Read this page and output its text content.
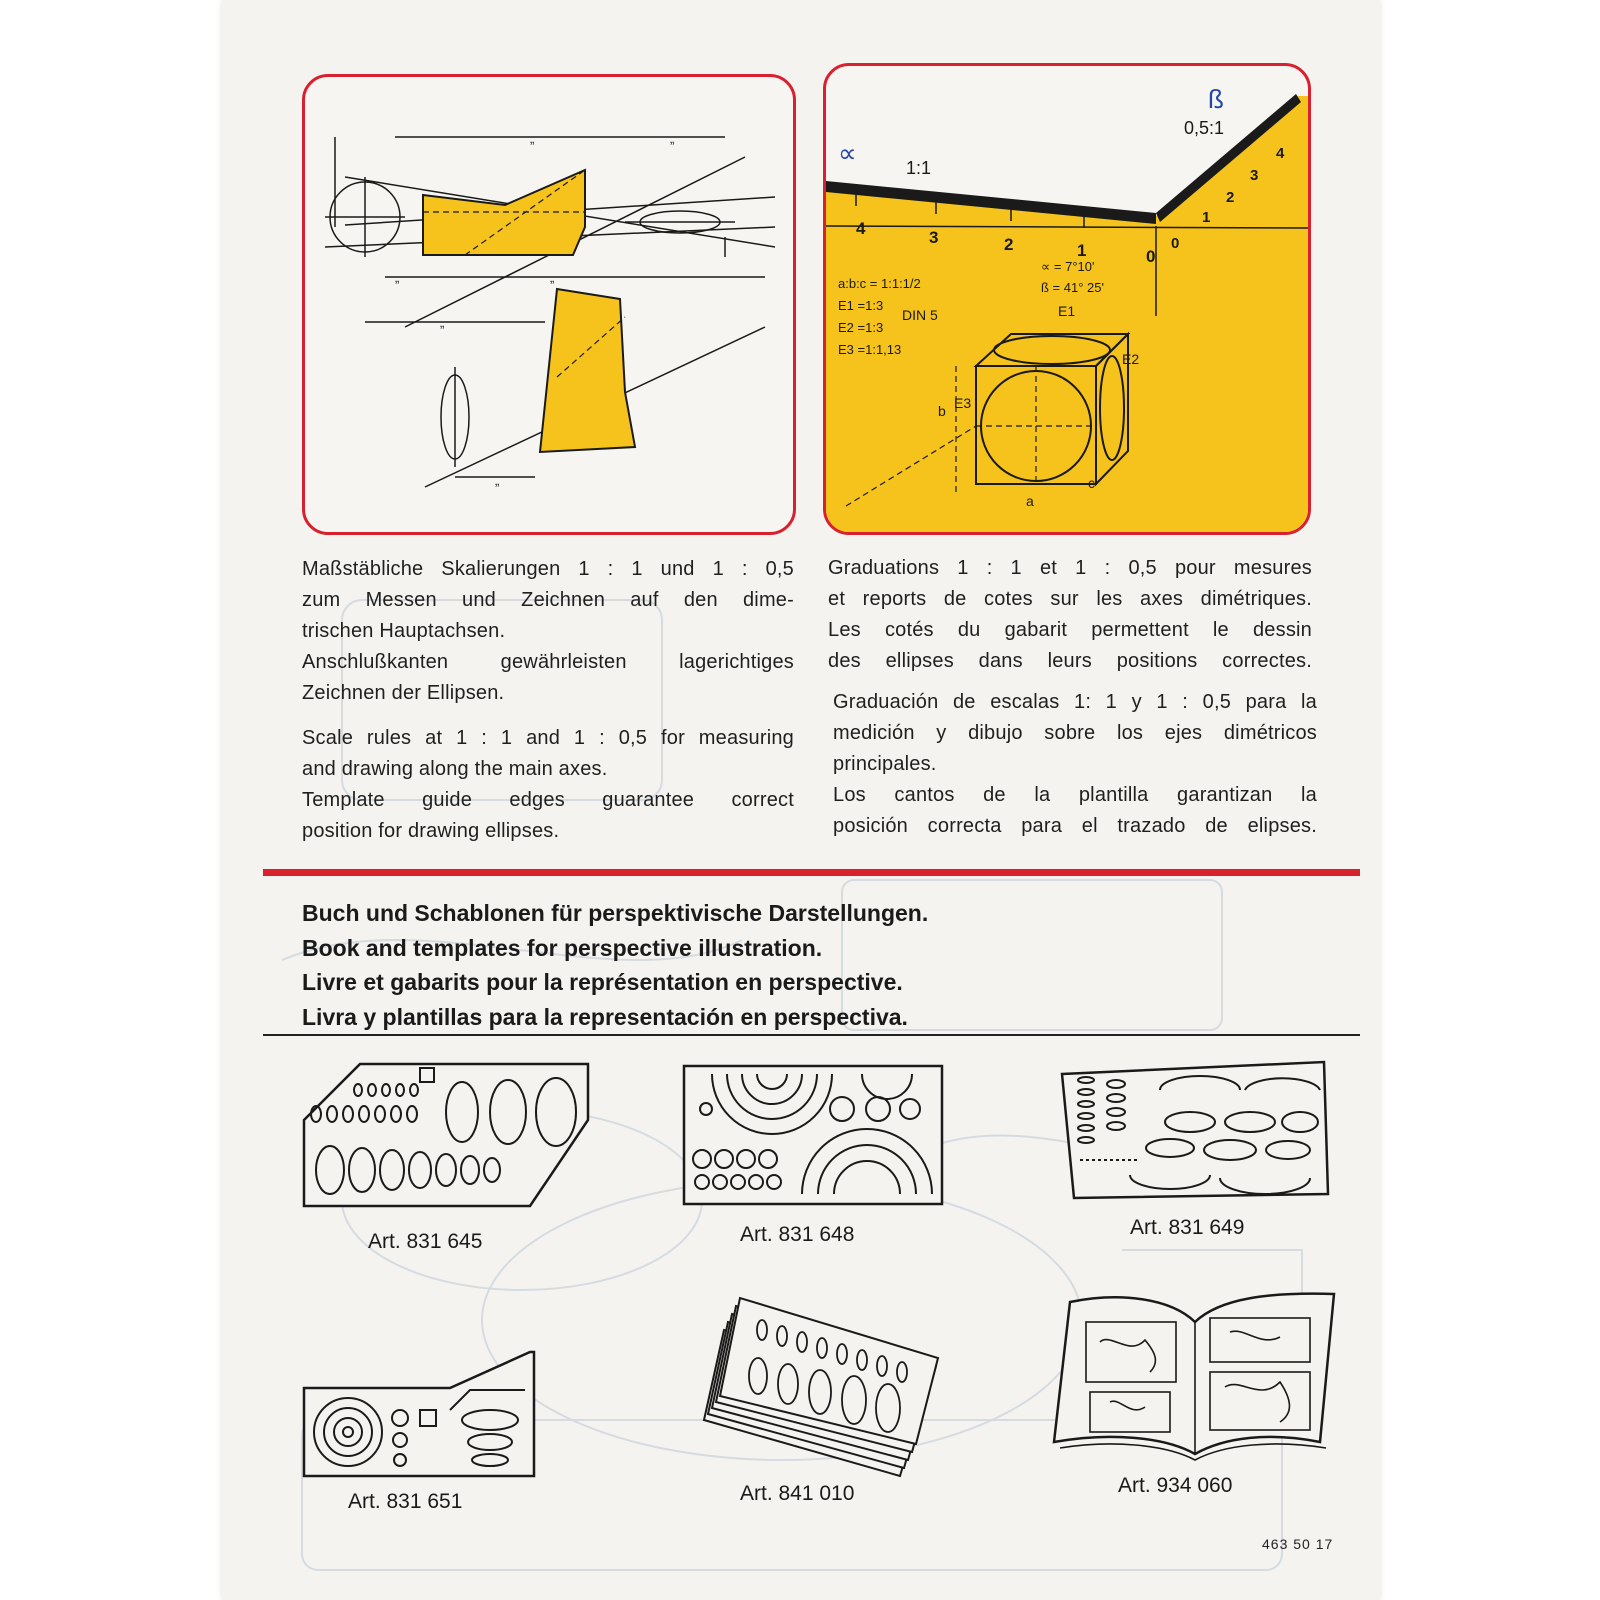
„	„
„	„
„
„
ß
0,5:1
∝	1:1
4	3	2	1	0
0
1
2
3
4
a:b:c = 1:1:1/2
E1 =1:3
E2 =1:3
E3 =1:1,13
DIN 5
∝ = 7°10'
ß = 41° 25'
E1
E2
E3
a
b
c
Maßstäbliche Skalierungen 1 : 1 und 1 : 0,5
zum Messen und Zeichnen auf den dime-
trischen Hauptachsen.
Anschlußkanten gewährleisten lagerichtiges
Zeichnen der Ellipsen.
Scale rules at 1 : 1 and 1 : 0,5 for measuring
and drawing along the main axes.
Template guide edges guarantee correct
position for drawing ellipses.
Graduations 1 : 1 et 1 : 0,5 pour mesures
et reports de cotes sur les axes dimétriques.
Les cotés du gabarit permettent le dessin
des ellipses dans leurs positions correctes.
Graduación de escalas 1: 1 y 1 : 0,5 para la
medición y dibujo sobre los ejes dimétricos
principales.
Los cantos de la plantilla garantizan la
posición correcta para el trazado de elipses.
Buch und Schablonen für perspektivische Darstellungen.
Book and templates for perspective illustration.
Livre et gabarits pour la représentation en perspective.
Livra y plantillas para la representación en perspectiva.
Art. 831 645	Art. 831 648	Art. 831 649
Art. 831 651	Art. 841 010	Art. 934 060
463 50 17
